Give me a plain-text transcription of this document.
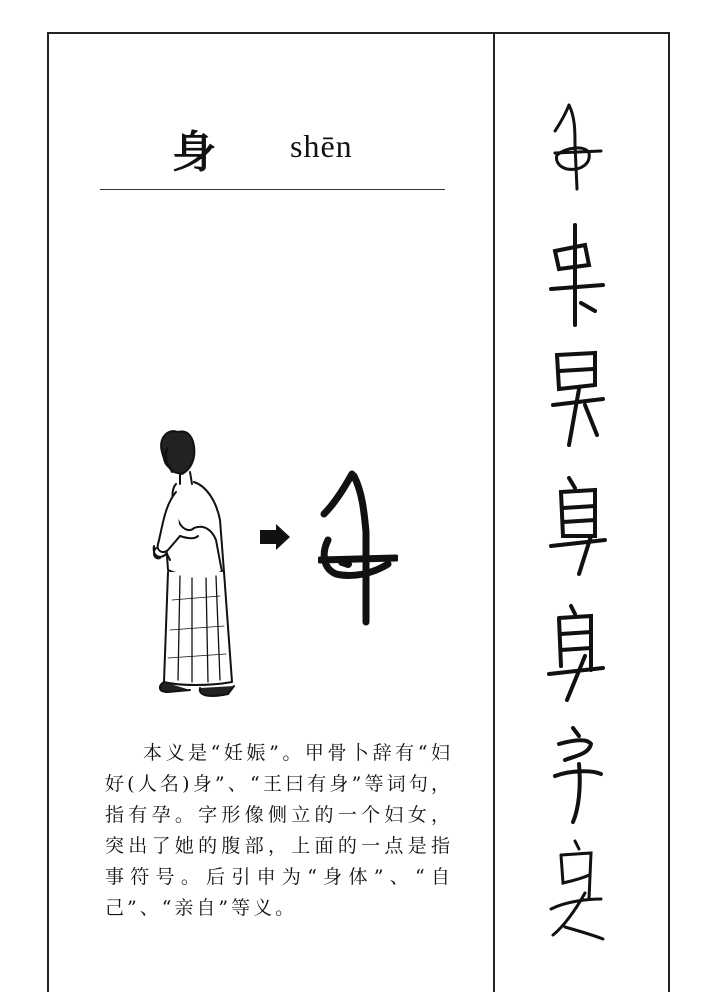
身 shēn

本义是“妊娠”。甲骨卜辞有“妇好(人名)身”、“王曰有身”等词句，指有孕。字形像侧立的一个妇女，突出了她的腹部，上面的一点是指事符号。后引申为“身体”、“自己”、“亲自”等义。
